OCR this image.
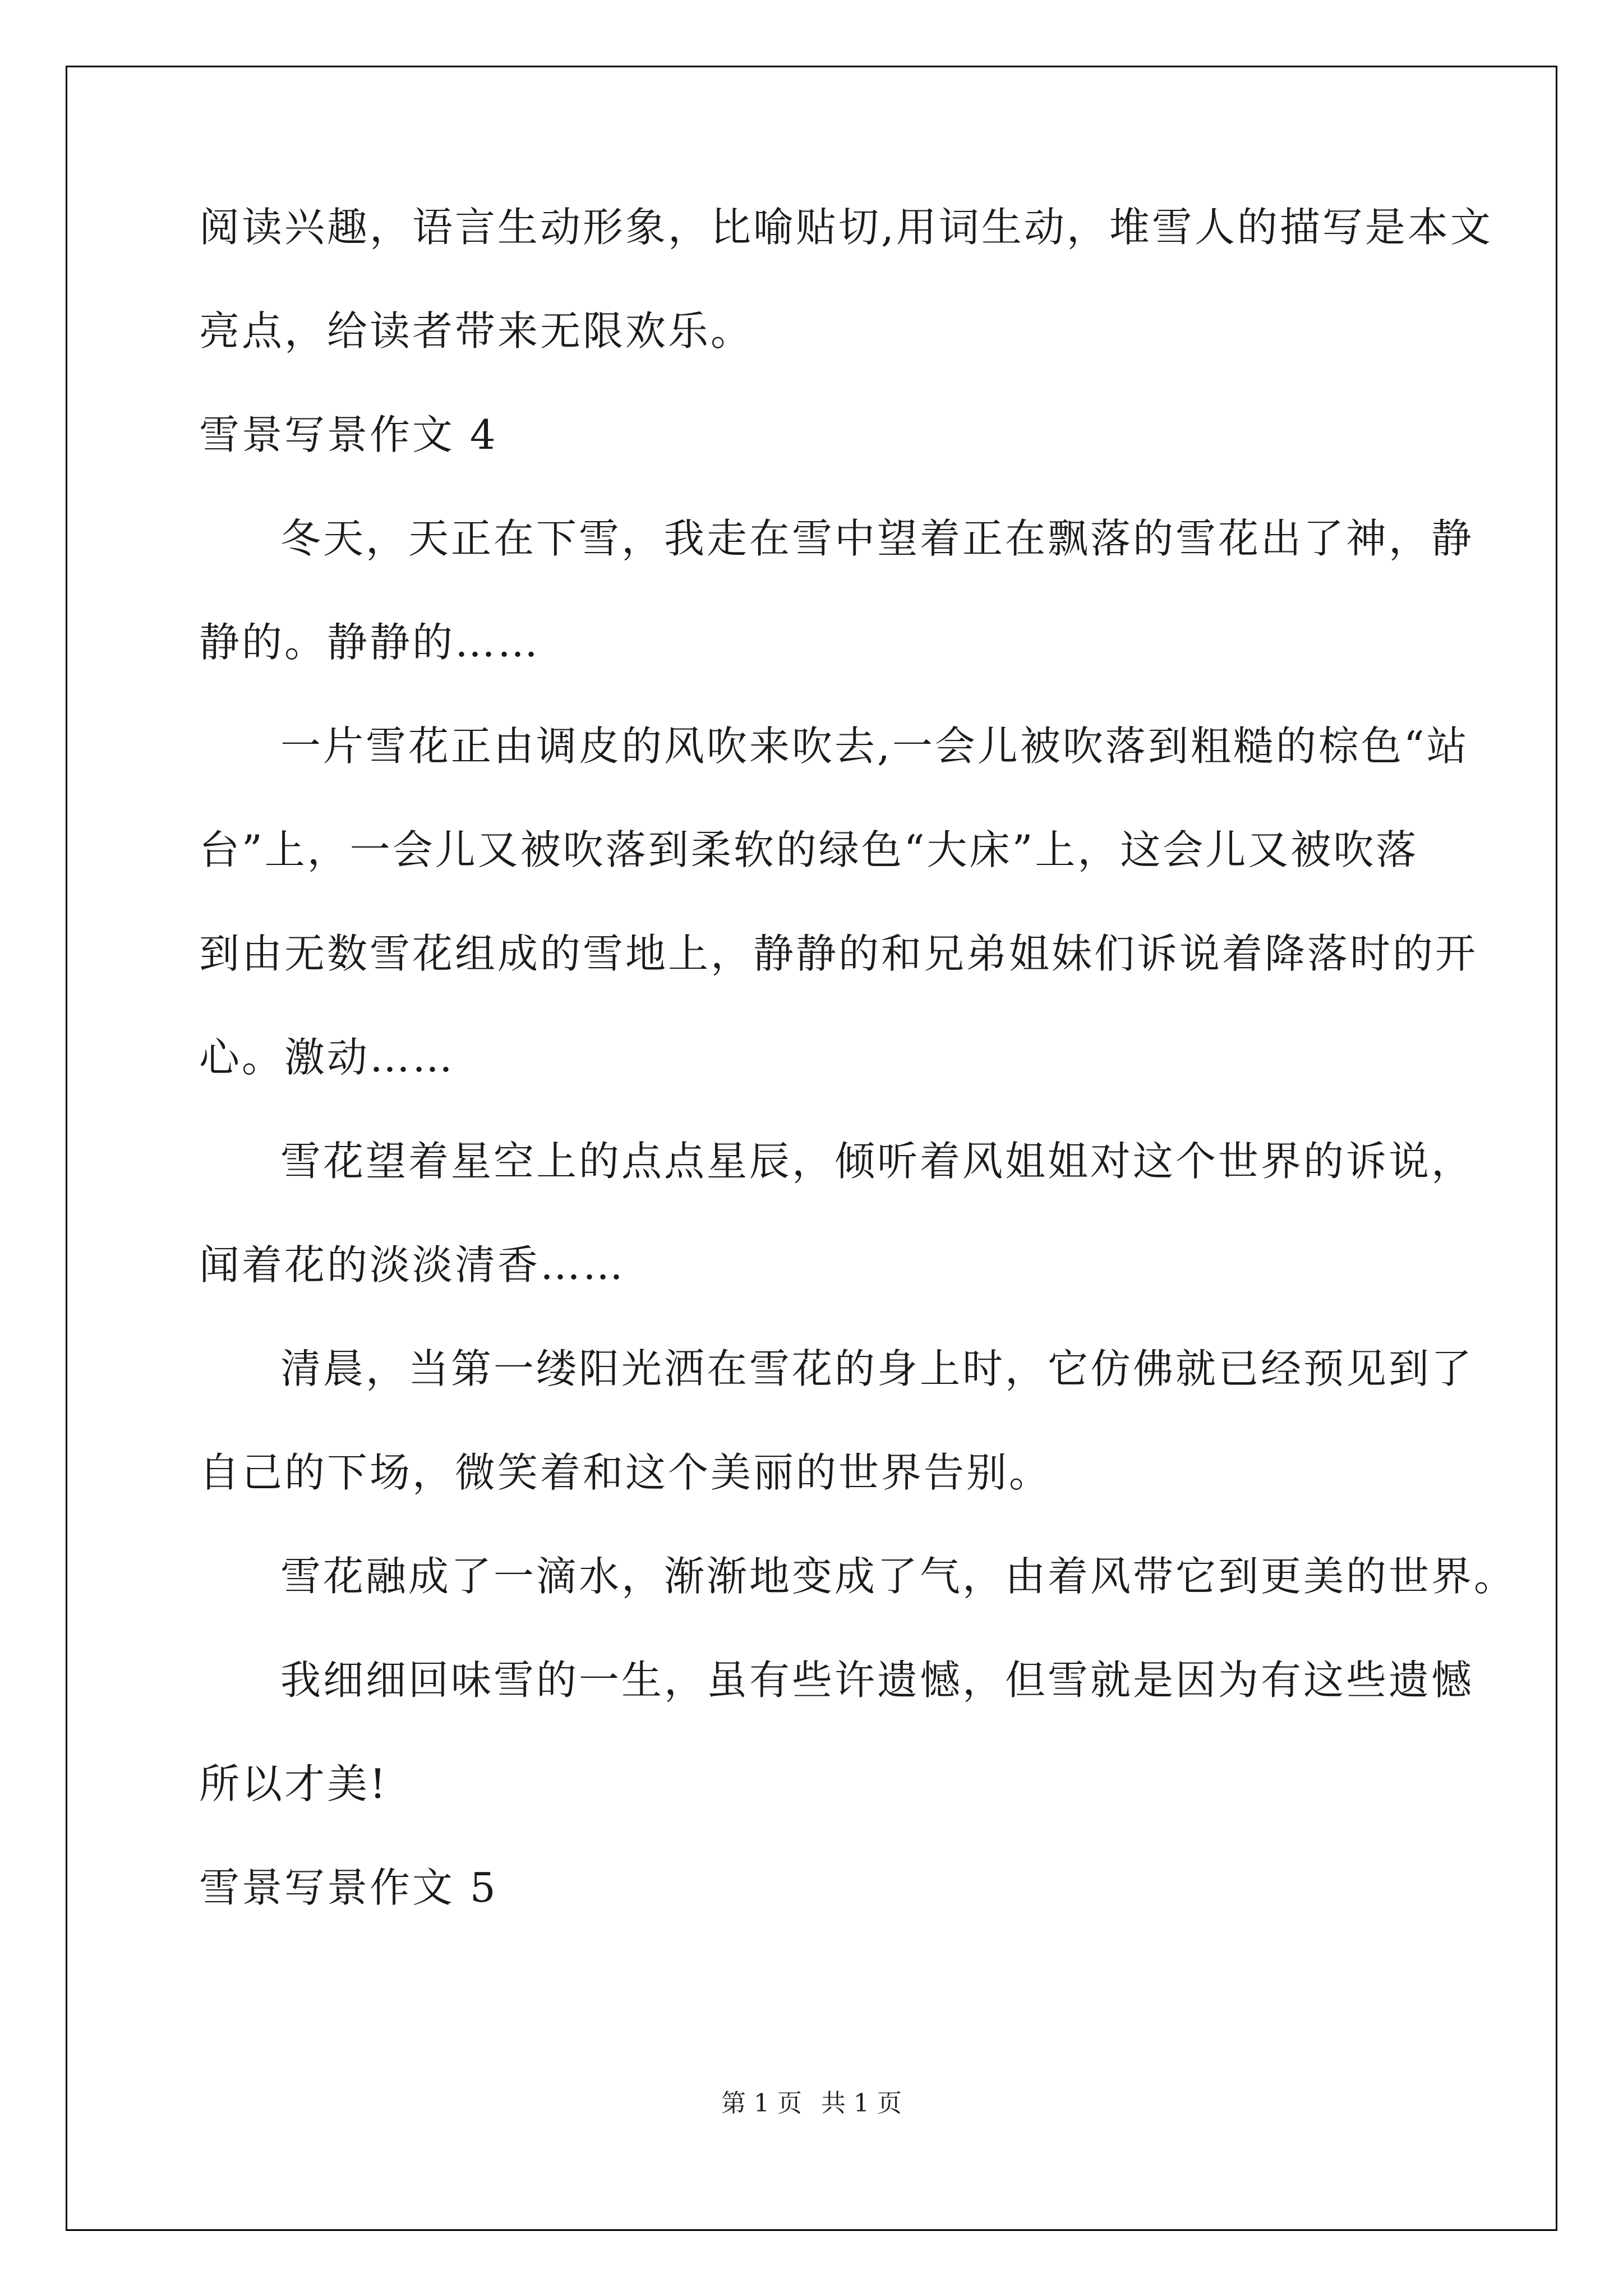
阅读兴趣，语言生动形象，比喻贴切,用词生动，堆雪人的描写是本文
亮点，给读者带来无限欢乐。
雪景写景作文 4
冬天，天正在下雪，我走在雪中望着正在飘落的雪花出了神，静
静的。静静的……
一片雪花正由调皮的风吹来吹去,一会儿被吹落到粗糙的棕色“站
台”上，一会儿又被吹落到柔软的绿色“大床”上，这会儿又被吹落
到由无数雪花组成的雪地上，静静的和兄弟姐妹们诉说着降落时的开
心。激动……
雪花望着星空上的点点星辰，倾听着风姐姐对这个世界的诉说，
闻着花的淡淡清香……
清晨，当第一缕阳光洒在雪花的身上时，它仿佛就已经预见到了
自己的下场，微笑着和这个美丽的世界告别。
雪花融成了一滴水，渐渐地变成了气，由着风带它到更美的世界。
我细细回味雪的一生，虽有些许遗憾，但雪就是因为有这些遗憾
所以才美!
雪景写景作文 5
第 1 页 共 1 页
